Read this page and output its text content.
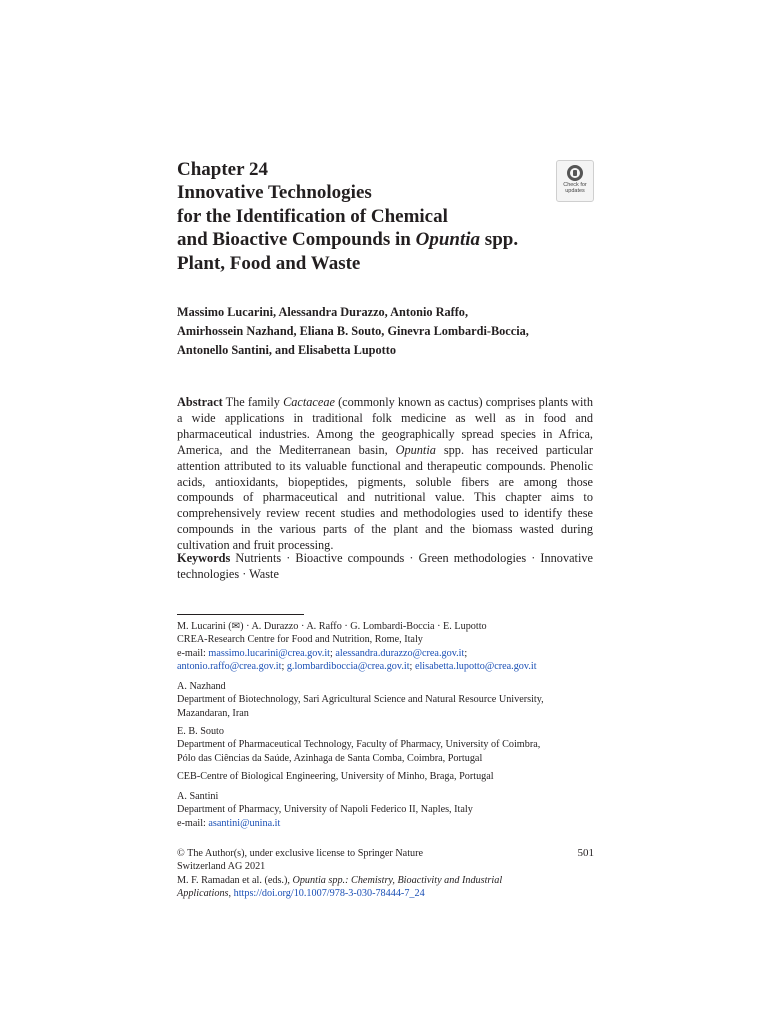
Chapter 24
Innovative Technologies
for the Identification of Chemical
and Bioactive Compounds in Opuntia spp.
Plant, Food and Waste
Check for
updates
Massimo Lucarini, Alessandra Durazzo, Antonio Raffo,
Amirhossein Nazhand, Eliana B. Souto, Ginevra Lombardi-Boccia,
Antonello Santini, and Elisabetta Lupotto
Abstract The family Cactaceae (commonly known as cactus) comprises plants with a wide applications in traditional folk medicine as well as in food and pharmaceutical industries. Among the geographically spread species in Africa, America, and the Mediterranean basin, Opuntia spp. has received particular attention attributed to its valuable functional and therapeutic compounds. Phenolic acids, antioxidants, biopeptides, pigments, soluble fibers are among those compounds of pharmaceutical and nutritional value. This chapter aims to comprehensively review recent studies and methodologies used to identify these compounds in the various parts of the plant and the biomass wasted during cultivation and fruit processing.
Keywords Nutrients · Bioactive compounds · Green methodologies · Innovative technologies · Waste
M. Lucarini (✉) · A. Durazzo · A. Raffo · G. Lombardi-Boccia · E. Lupotto
CREA-Research Centre for Food and Nutrition, Rome, Italy
e-mail: massimo.lucarini@crea.gov.it; alessandra.durazzo@crea.gov.it;
antonio.raffo@crea.gov.it; g.lombardiboccia@crea.gov.it; elisabetta.lupotto@crea.gov.it
A. Nazhand
Department of Biotechnology, Sari Agricultural Science and Natural Resource University,
Mazandaran, Iran
E. B. Souto
Department of Pharmaceutical Technology, Faculty of Pharmacy, University of Coimbra,
Pólo das Ciências da Saúde, Azinhaga de Santa Comba, Coimbra, Portugal
CEB-Centre of Biological Engineering, University of Minho, Braga, Portugal
A. Santini
Department of Pharmacy, University of Napoli Federico II, Naples, Italy
e-mail: asantini@unina.it
© The Author(s), under exclusive license to Springer Nature
Switzerland AG 2021
M. F. Ramadan et al. (eds.), Opuntia spp.: Chemistry, Bioactivity and Industrial
Applications, https://doi.org/10.1007/978-3-030-78444-7_24
501
